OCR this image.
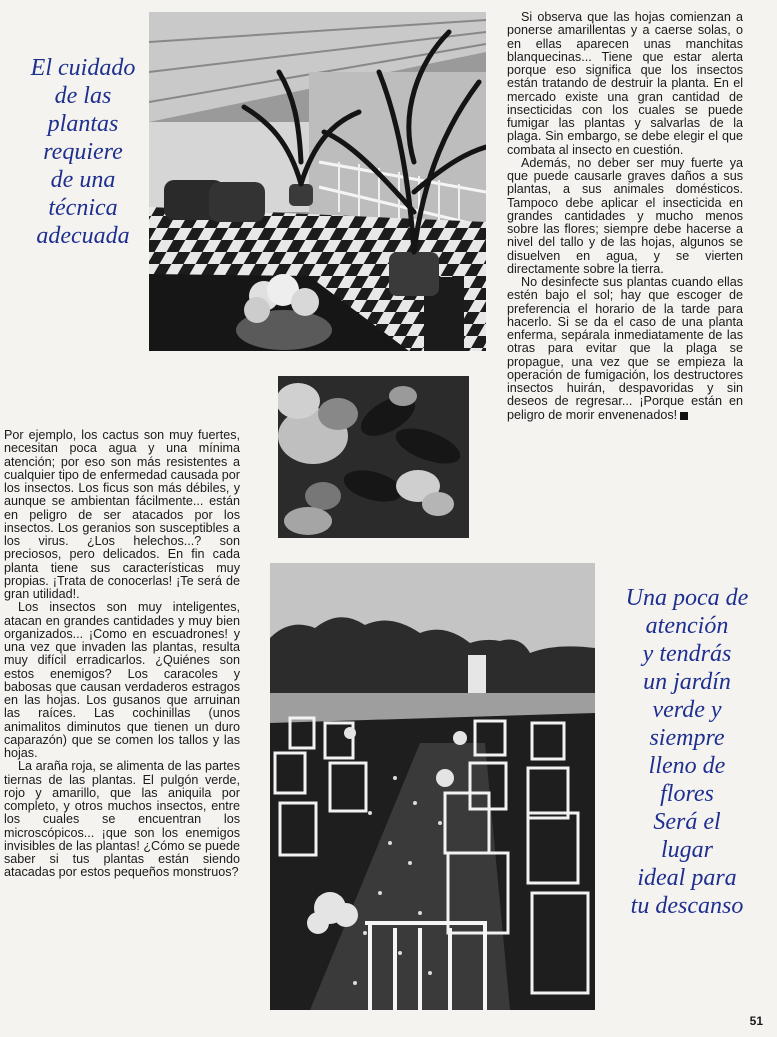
El cuidado
de las
plantas
requiere
de una
técnica
adecuada

Si observa que las hojas comienzan a ponerse amarillentas y a caerse solas, o en ellas aparecen unas manchitas blanquecinas... Tiene que estar alerta porque eso significa que los insectos están tratando de destruir la planta. En el mercado existe una gran cantidad de insecticidas con los cuales se puede fumigar las plantas y salvarlas de la plaga. Sin embargo, se debe elegir el que combata al insecto en cuestión.

Además, no deber ser muy fuerte ya que puede causarle graves daños a sus plantas, a sus animales domésticos. Tampoco debe aplicar el insecticida en grandes cantidades y mucho menos sobre las flores; siempre debe hacerse a nivel del tallo y de las hojas, algunos se disuelven en agua, y se vierten directamente sobre la tierra.

No desinfecte sus plantas cuando ellas estén bajo el sol; hay que escoger de preferencia el horario de la tarde para hacerlo. Si se da el caso de una planta enferma, sepárala inmediatamente de las otras para evitar que la plaga se propague, una vez que se empieza la operación de fumigación, los destructores insectos huirán, despavoridas y sin deseos de regresar... ¡Porque están en peligro de morir envenenados!

Por ejemplo, los cactus son muy fuertes, necesitan poca agua y una mínima atención; por eso son más resistentes a cualquier tipo de enfermedad causada por los insectos. Los ficus son más débiles, y aunque se ambientan fácilmente... están en peligro de ser atacados por los insectos. Los geranios son susceptibles a los virus. ¿Los helechos...? son preciosos, pero delicados. En fin cada planta tiene sus características muy propias. ¡Trata de conocerlas! ¡Te será de gran utilidad!.

Los insectos son muy inteligentes, atacan en grandes cantidades y muy bien organizados... ¡Como en escuadrones! y una vez que invaden las plantas, resulta muy difícil erradicarlos. ¿Quiénes son estos enemigos? Los caracoles y babosas que causan verdaderos estragos en las hojas. Los gusanos que arruinan las raíces. Las cochinillas (unos animalitos diminutos que tienen un duro caparazón) que se comen los tallos y las hojas.

La araña roja, se alimenta de las partes tiernas de las plantas. El pulgón verde, rojo y amarillo, que las aniquila por completo, y otros muchos insectos, entre los cuales se encuentran los microscópicos... ¡que son los enemigos invisibles de las plantas! ¿Cómo se puede saber si tus plantas están siendo atacadas por estos pequeños monstruos?

Una poca de
atención
y tendrás
un jardín
verde y
siempre
lleno de
flores
Será el
lugar
ideal para
tu descanso
51
